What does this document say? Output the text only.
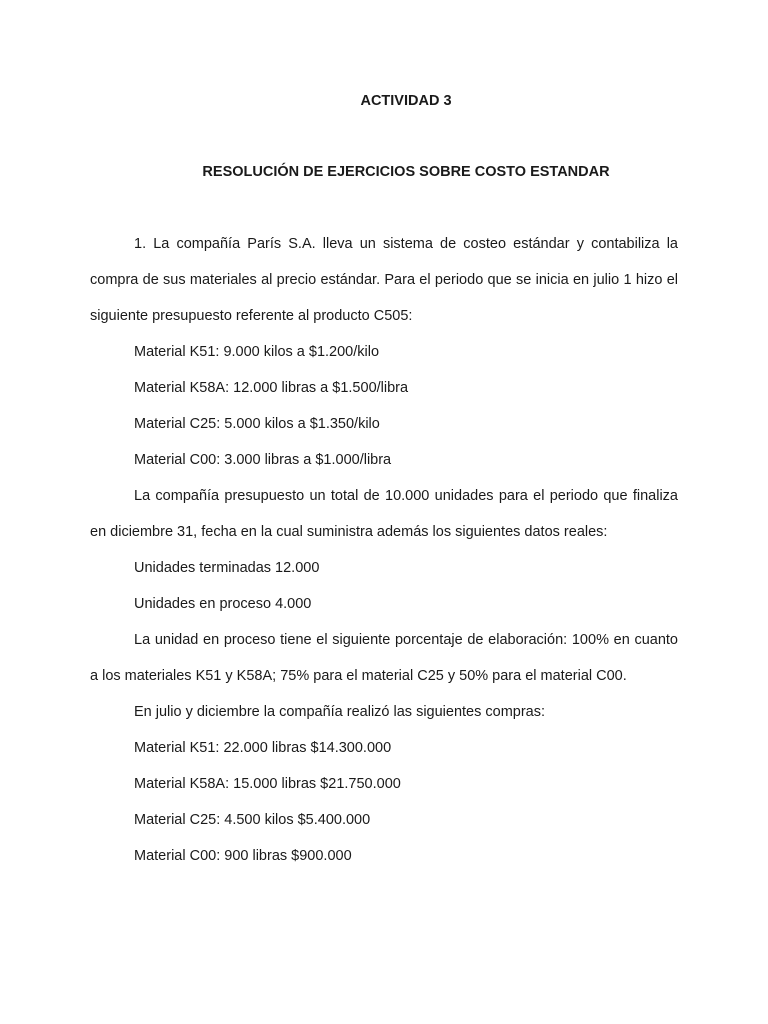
ACTIVIDAD 3
RESOLUCIÓN DE EJERCICIOS SOBRE COSTO ESTANDAR

1. La compañía París S.A. lleva un sistema de costeo estándar y contabiliza la compra de sus materiales al precio estándar. Para el periodo que se inicia en julio 1 hizo el siguiente presupuesto referente al producto C505:

Material K51: 9.000 kilos a $1.200/kilo

Material K58A: 12.000 libras a $1.500/libra

Material C25: 5.000 kilos a $1.350/kilo

Material C00: 3.000 libras a $1.000/libra

La compañía presupuesto un total de 10.000 unidades para el periodo que finaliza en diciembre 31, fecha en la cual suministra además los siguientes datos reales:

Unidades terminadas 12.000

Unidades en proceso 4.000

La unidad en proceso tiene el siguiente porcentaje de elaboración: 100% en cuanto a los materiales K51 y K58A; 75% para el material C25 y 50% para el material C00.

En julio y diciembre la compañía realizó las siguientes compras:

Material K51: 22.000 libras $14.300.000

Material K58A: 15.000 libras $21.750.000

Material C25: 4.500 kilos $5.400.000

Material C00: 900 libras $900.000
